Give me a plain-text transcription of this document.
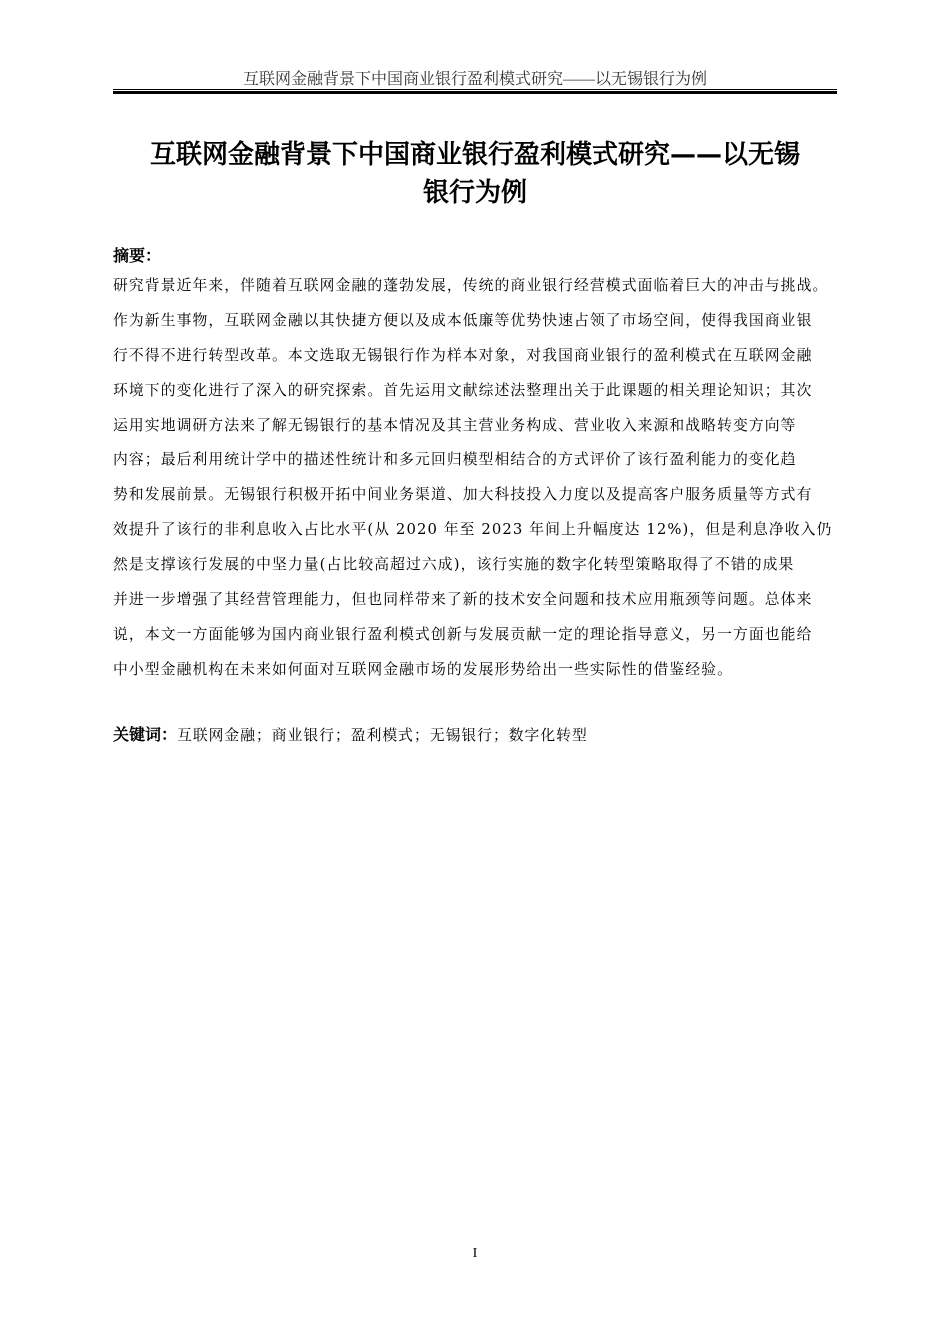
互联网金融背景下中国商业银行盈利模式研究——以无锡银行为例
互联网金融背景下中国商业银行盈利模式研究——以无锡
银行为例
摘要：
研究背景近年来，伴随着互联网金融的蓬勃发展，传统的商业银行经营模式面临着巨大的冲击与挑战。
作为新生事物，互联网金融以其快捷方便以及成本低廉等优势快速占领了市场空间，使得我国商业银
行不得不进行转型改革。本文选取无锡银行作为样本对象，对我国商业银行的盈利模式在互联网金融
环境下的变化进行了深入的研究探索。首先运用文献综述法整理出关于此课题的相关理论知识；其次
运用实地调研方法来了解无锡银行的基本情况及其主营业务构成、营业收入来源和战略转变方向等
内容；最后利用统计学中的描述性统计和多元回归模型相结合的方式评价了该行盈利能力的变化趋
势和发展前景。无锡银行积极开拓中间业务渠道、加大科技投入力度以及提高客户服务质量等方式有
效提升了该行的非利息收入占比水平(从 2020 年至 2023 年间上升幅度达 12%)，但是利息净收入仍
然是支撑该行发展的中坚力量(占比较高超过六成)，该行实施的数字化转型策略取得了不错的成果
并进一步增强了其经营管理能力，但也同样带来了新的技术安全问题和技术应用瓶颈等问题。总体来
说，本文一方面能够为国内商业银行盈利模式创新与发展贡献一定的理论指导意义，另一方面也能给
中小型金融机构在未来如何面对互联网金融市场的发展形势给出一些实际性的借鉴经验。
关键词：互联网金融；商业银行；盈利模式；无锡银行；数字化转型
I
